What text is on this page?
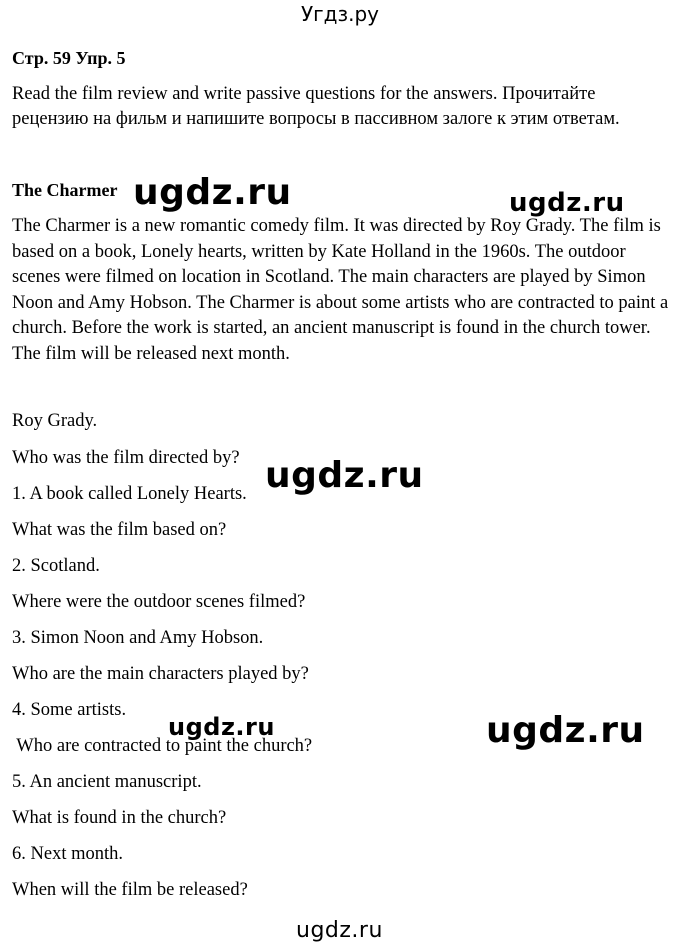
Угдз.ру
Стр. 59 Упр. 5
Read the film review and write passive questions for the answers. Прочитайте рецензию на фильм и напишите вопросы в пассивном залоге к этим ответам.
The Charmer
The Charmer is a new romantic comedy film. It was directed by Roy Grady. The film is based on a book, Lonely hearts, written by Kate Holland in the 1960s. The outdoor scenes were filmed on location in Scotland. The main characters are played by Simon Noon and Amy Hobson. The Charmer is about some artists who are contracted to paint a church. Before the work is started, an ancient manuscript is found in the church tower. The film will be released next month.
Roy Grady.
Who was the film directed by?
1. A book called Lonely Hearts.
What was the film based on?
2. Scotland.
Where were the outdoor scenes filmed?
3. Simon Noon and Amy Hobson.
Who are the main characters played by?
4. Some artists.
Who are contracted to paint the church?
5. An ancient manuscript.
What is found in the church?
6. Next month.
When will the film be released?
ugdz.ru	ugdz.ru
ugdz.ru
ugdz.ru	ugdz.ru
ugdz.ru
